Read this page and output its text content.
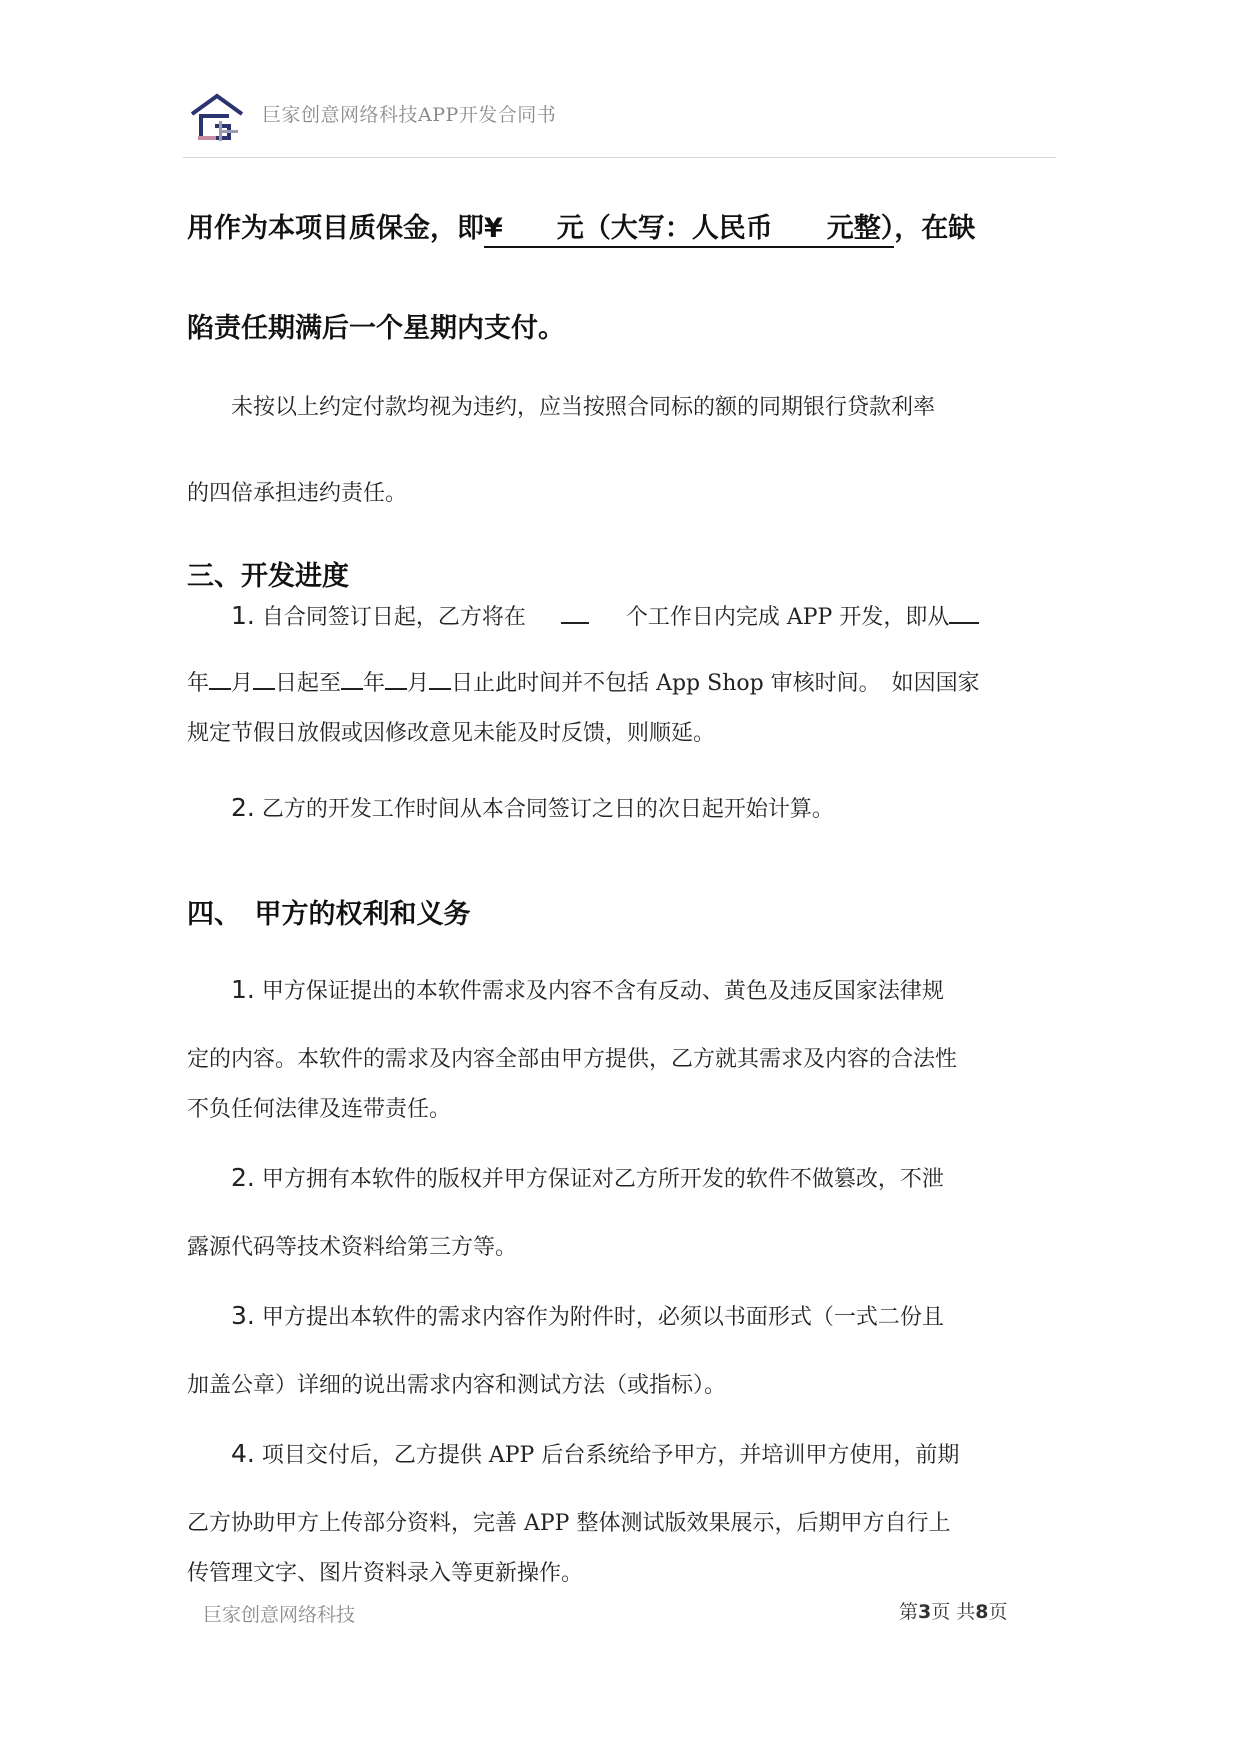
巨家创意网络科技APP开发合同书
用作为本项目质保金，即¥　　元（大写：人民币　　元整），在缺
陷责任期满后一个星期内支付。
未按以上约定付款均视为违约，应当按照合同标的额的同期银行贷款利率
的四倍承担违约责任。
三、开发进度
1. 自合同签订日起，乙方将在	个工作日内完成 APP 开发，即从
年 月 日起至 年 月 日止此时间并不包括 App Shop 审核时间。　如因国家
规定节假日放假或因修改意见未能及时反馈，则顺延。
2. 乙方的开发工作时间从本合同签订之日的次日起开始计算。
四、　甲方的权利和义务
1. 甲方保证提出的本软件需求及内容不含有反动、黄色及违反国家法律规
定的内容。本软件的需求及内容全部由甲方提供，乙方就其需求及内容的合法性
不负任何法律及连带责任。
2. 甲方拥有本软件的版权并甲方保证对乙方所开发的软件不做篡改，不泄
露源代码等技术资料给第三方等。
3. 甲方提出本软件的需求内容作为附件时，必须以书面形式（一式二份且
加盖公章）详细的说出需求内容和测试方法（或指标）。
4. 项目交付后，乙方提供 APP 后台系统给予甲方，并培训甲方使用，前期
乙方协助甲方上传部分资料，完善 APP 整体测试版效果展示，后期甲方自行上
传管理文字、图片资料录入等更新操作。
巨家创意网络科技	第3页 共8页
